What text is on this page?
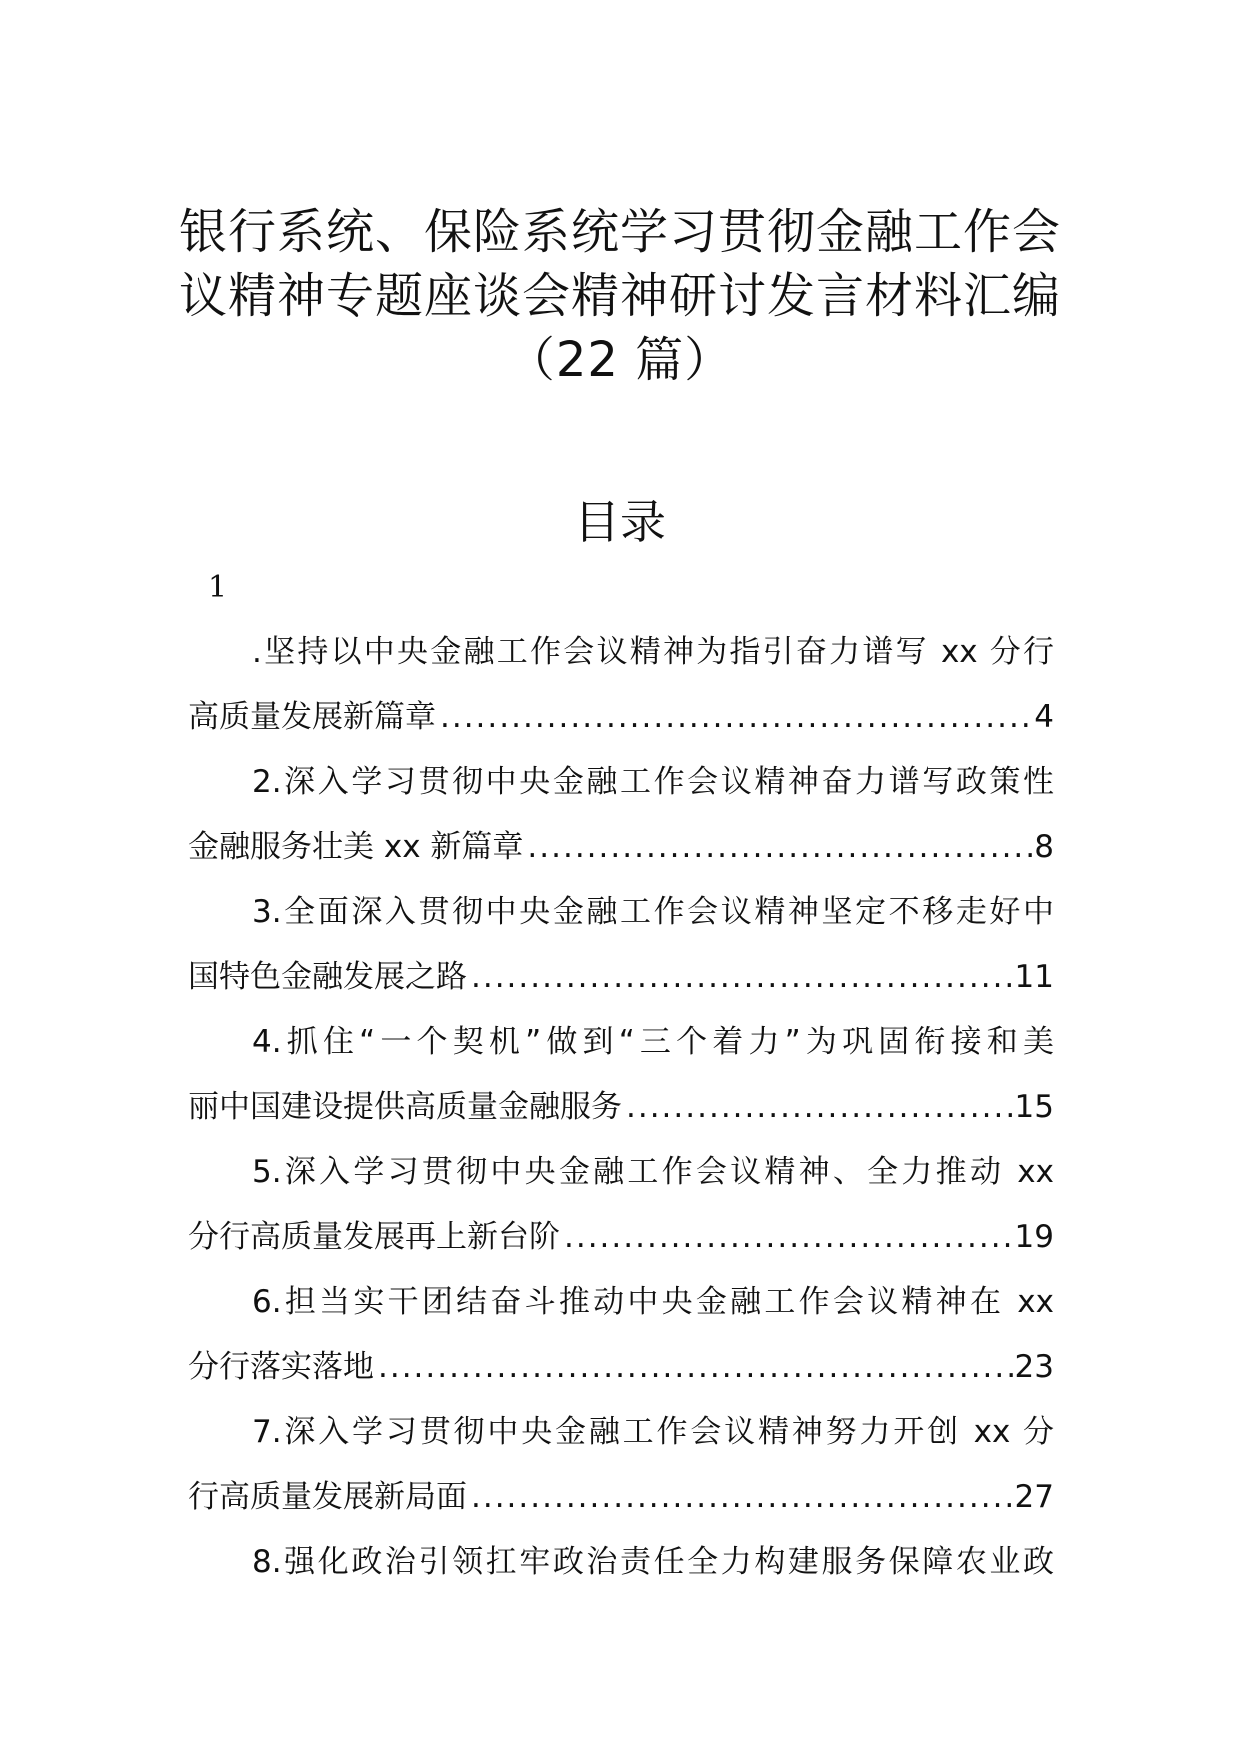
银行系统、保险系统学习贯彻金融工作会
议精神专题座谈会精神研讨发言材料汇编
（22 篇）
目录
1
.坚持以中央金融工作会议精神为指引奋力谱写 xx 分行
高质量发展新篇章 .....	4
2.深入学习贯彻中央金融工作会议精神奋力谱写政策性
金融服务壮美 xx 新篇章 .....	8
3.全面深入贯彻中央金融工作会议精神坚定不移走好中
国特色金融发展之路 .....	11
4.抓住“一个契机”做到“三个着力”为巩固衔接和美
丽中国建设提供高质量金融服务 .....	15
5.深入学习贯彻中央金融工作会议精神、全力推动 xx
分行高质量发展再上新台阶 .....	19
6.担当实干团结奋斗推动中央金融工作会议精神在 xx
分行落实落地 .....	23
7.深入学习贯彻中央金融工作会议精神努力开创 xx 分
行高质量发展新局面 .....	27
8.强化政治引领扛牢政治责任全力构建服务保障农业政
